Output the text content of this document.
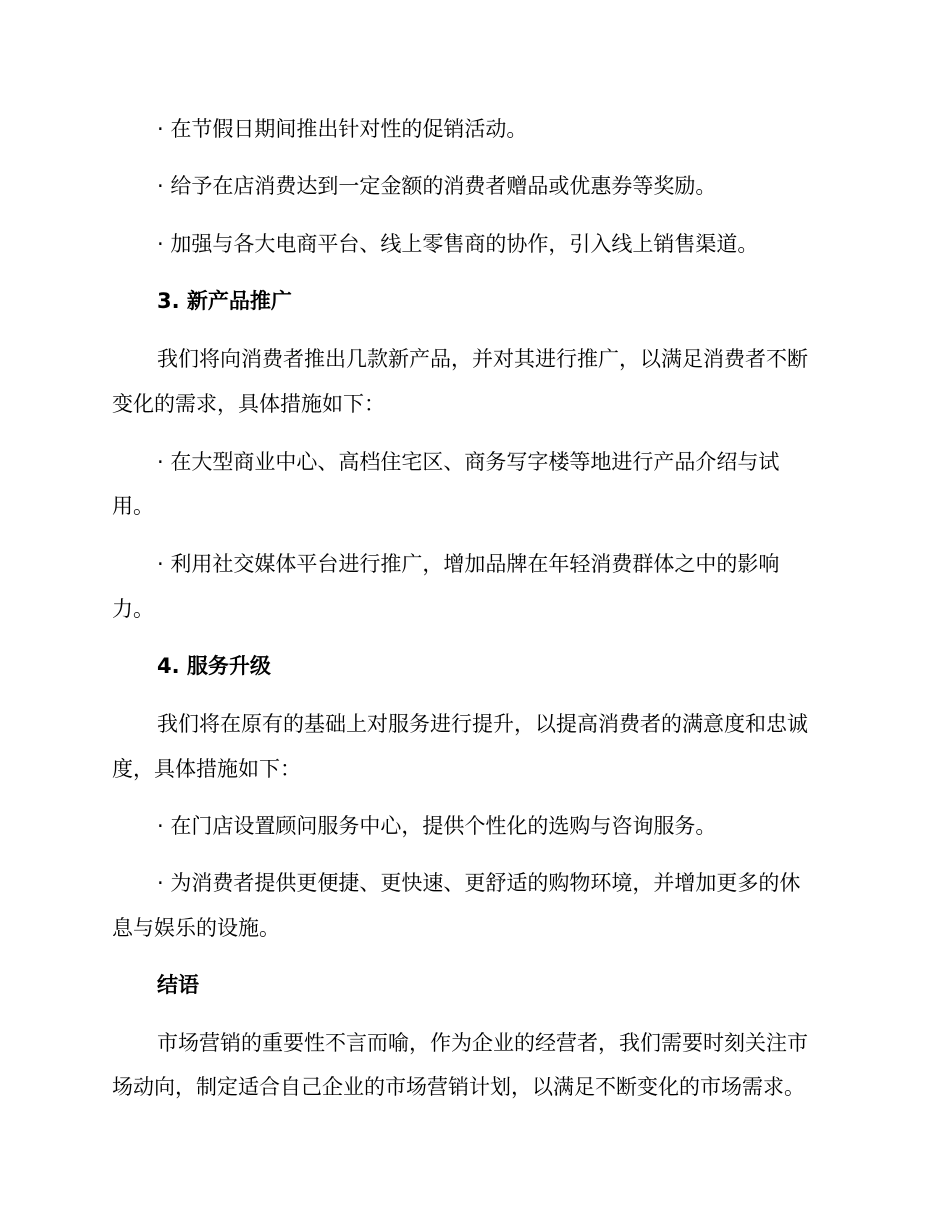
· 在节假日期间推出针对性的促销活动。
· 给予在店消费达到一定金额的消费者赠品或优惠券等奖励。
· 加强与各大电商平台、线上零售商的协作，引入线上销售渠道。
3. 新产品推广
我们将向消费者推出几款新产品，并对其进行推广，以满足消费者不断
变化的需求，具体措施如下：
· 在大型商业中心、高档住宅区、商务写字楼等地进行产品介绍与试
用。
· 利用社交媒体平台进行推广，增加品牌在年轻消费群体之中的影响
力。
4. 服务升级
我们将在原有的基础上对服务进行提升，以提高消费者的满意度和忠诚
度，具体措施如下：
· 在门店设置顾问服务中心，提供个性化的选购与咨询服务。
· 为消费者提供更便捷、更快速、更舒适的购物环境，并增加更多的休
息与娱乐的设施。
结语
市场营销的重要性不言而喻，作为企业的经营者，我们需要时刻关注市
场动向，制定适合自己企业的市场营销计划，以满足不断变化的市场需求。
